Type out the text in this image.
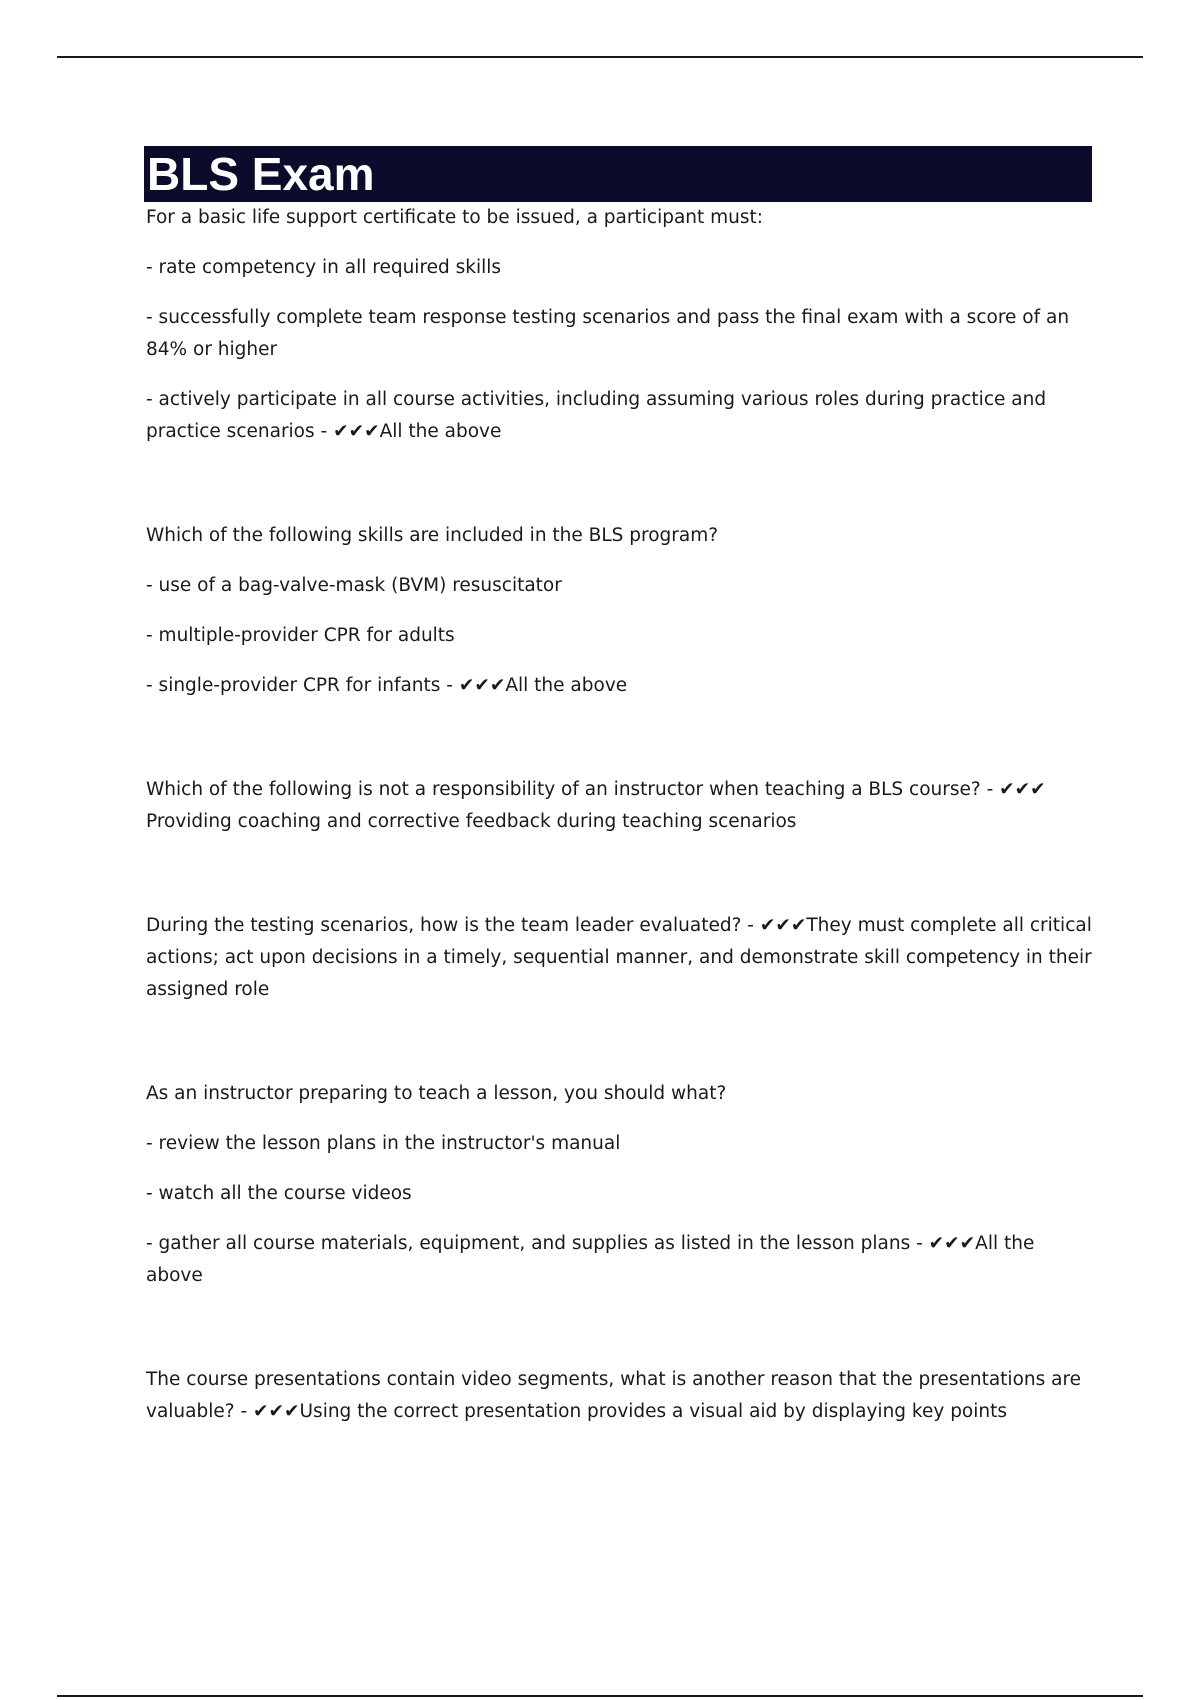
BLS Exam

For a basic life support certificate to be issued, a participant must:

- rate competency in all required skills

- successfully complete team response testing scenarios and pass the final exam with a score of an 84% or higher

- actively participate in all course activities, including assuming various roles during practice and practice scenarios - ✔✔✔All the above

Which of the following skills are included in the BLS program?

- use of a bag-valve-mask (BVM) resuscitator

- multiple-provider CPR for adults

- single-provider CPR for infants - ✔✔✔All the above

Which of the following is not a responsibility of an instructor when teaching a BLS course? - ✔✔✔ Providing coaching and corrective feedback during teaching scenarios

During the testing scenarios, how is the team leader evaluated? - ✔✔✔They must complete all critical actions; act upon decisions in a timely, sequential manner, and demonstrate skill competency in their assigned role

As an instructor preparing to teach a lesson, you should what?

- review the lesson plans in the instructor's manual

- watch all the course videos

- gather all course materials, equipment, and supplies as listed in the lesson plans - ✔✔✔All the above

The course presentations contain video segments, what is another reason that the presentations are valuable? - ✔✔✔Using the correct presentation provides a visual aid by displaying key points
